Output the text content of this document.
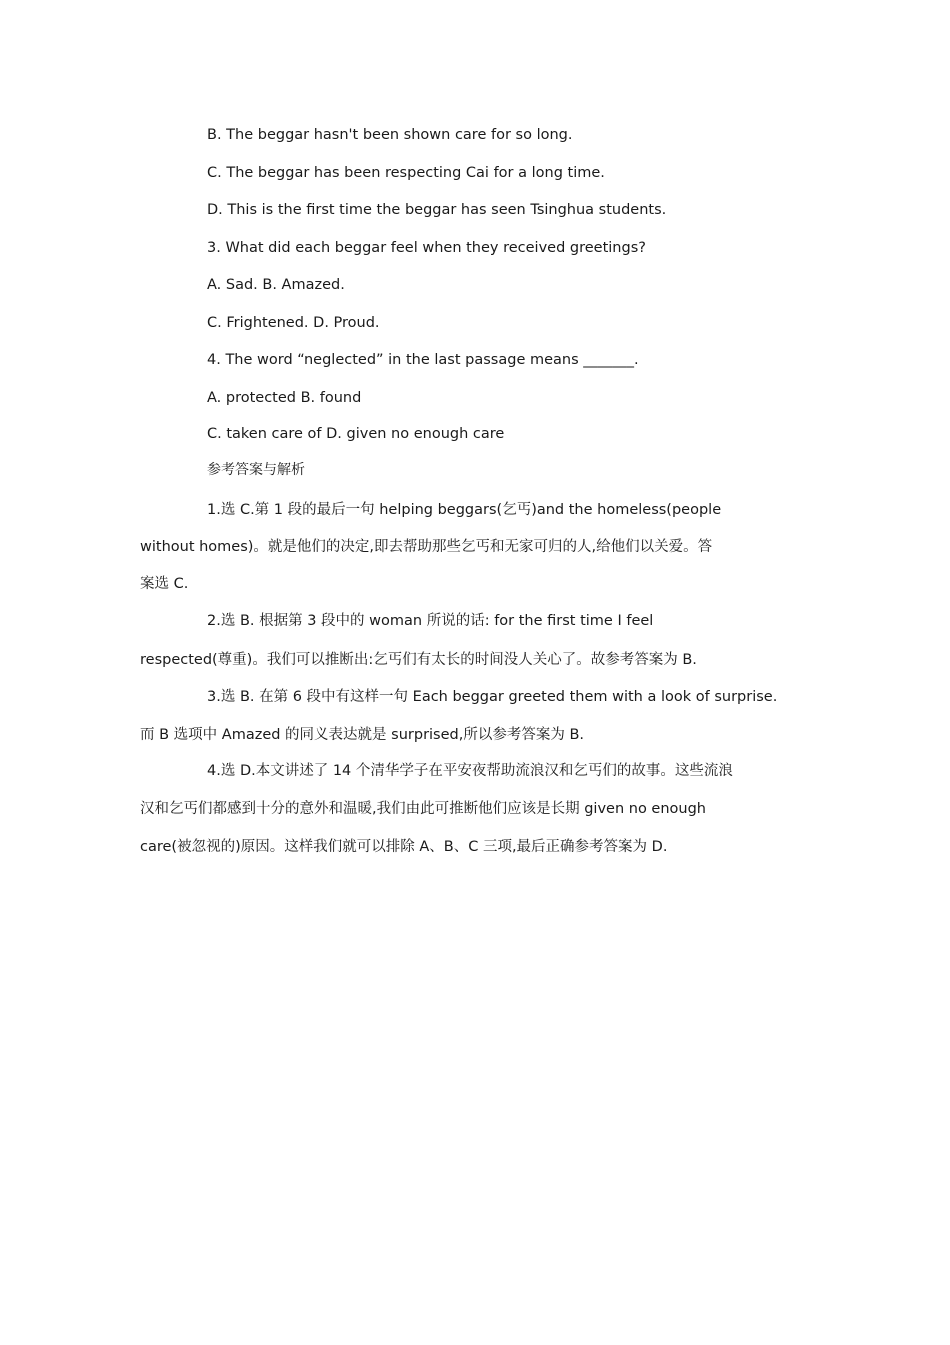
B. The beggar hasn't been shown care for so long.
C. The beggar has been respecting Cai for a long time.
D. This is the first time the beggar has seen Tsinghua students.
3. What did each beggar feel when they received greetings?
A. Sad. B. Amazed.
C. Frightened. D. Proud.
4. The word “neglected” in the last passage means _______.
A. protected B. found
C. taken care of D. given no enough care
参考答案与解析
1.选 C.第 1 段的最后一句 helping beggars(乞丐)and the homeless(people
without homes)。就是他们的决定,即去帮助那些乞丐和无家可归的人,给他们以关爱。答
案选 C.
2.选 B. 根据第 3 段中的 woman 所说的话: for the first time I feel
respected(尊重)。我们可以推断出:乞丐们有太长的时间没人关心了。故参考答案为 B.
3.选 B. 在第 6 段中有这样一句 Each beggar greeted them with a look of surprise.
而 B 选项中 Amazed 的同义表达就是 surprised,所以参考答案为 B.
4.选 D.本文讲述了 14 个清华学子在平安夜帮助流浪汉和乞丐们的故事。这些流浪
汉和乞丐们都感到十分的意外和温暖,我们由此可推断他们应该是长期 given no enough
care(被忽视的)原因。这样我们就可以排除 A、B、C 三项,最后正确参考答案为 D.
